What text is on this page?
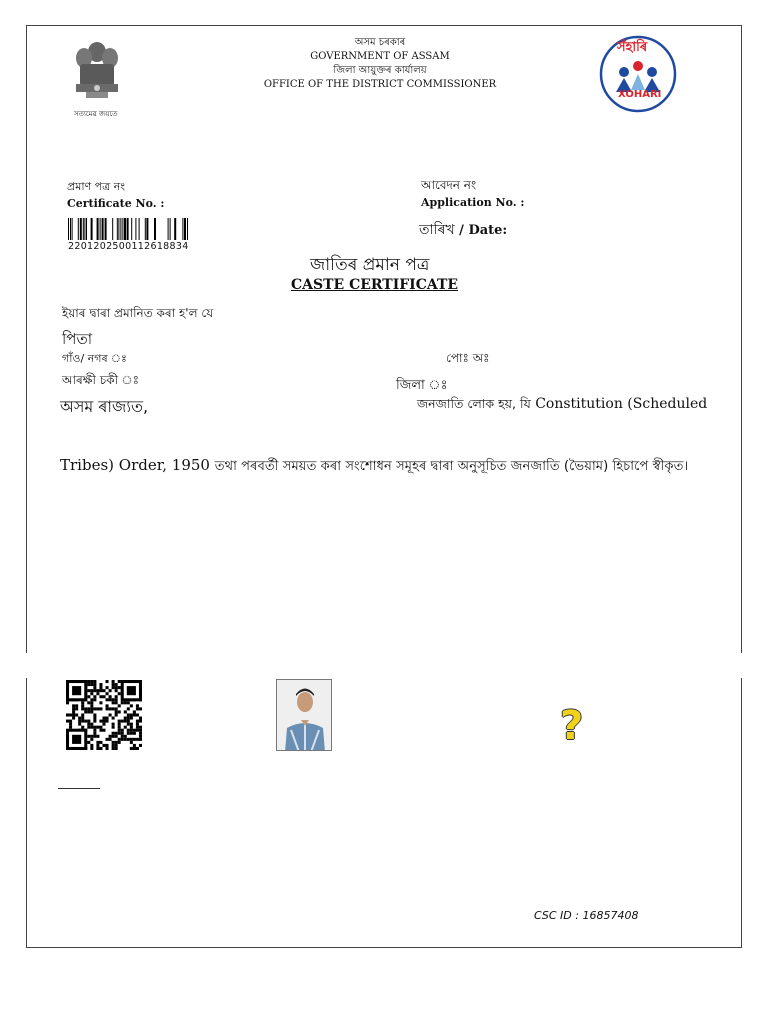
সত্যমেৱ জয়তে
অসম চৰকাৰ
GOVERNMENT OF ASSAM
জিলা আয়ুক্তৰ কাৰ্যালয়
OFFICE OF THE DISTRICT COMMISSIONER
সঁহাৰি
XOHARI
প্ৰমাণ পত্ৰ নং
Certificate No. :
আবেদন নং
Application No. :
তাৰিখ / Date:
2201202500112618834
জাতিৰ প্ৰমান পত্ৰ
CASTE CERTIFICATE
ইয়াৰ দ্বাৰা প্ৰমানিত কৰা হ'ল যে
পিতা
গাঁও/ নগৰ ঃ	পোঃ অঃ
আৰক্ষী চকী ঃ	জিলা ঃ
অসম ৰাজ্যত,	জনজাতি লোক হয়, যি Constitution (Scheduled
Tribes) Order, 1950 তথা পৰবৰ্তী সময়ত কৰা সংশোধন সমূহৰ দ্বাৰা অনুসূচিত জনজাতি (ভৈয়াম) হিচাপে স্বীকৃত।
?
CSC ID : 16857408
